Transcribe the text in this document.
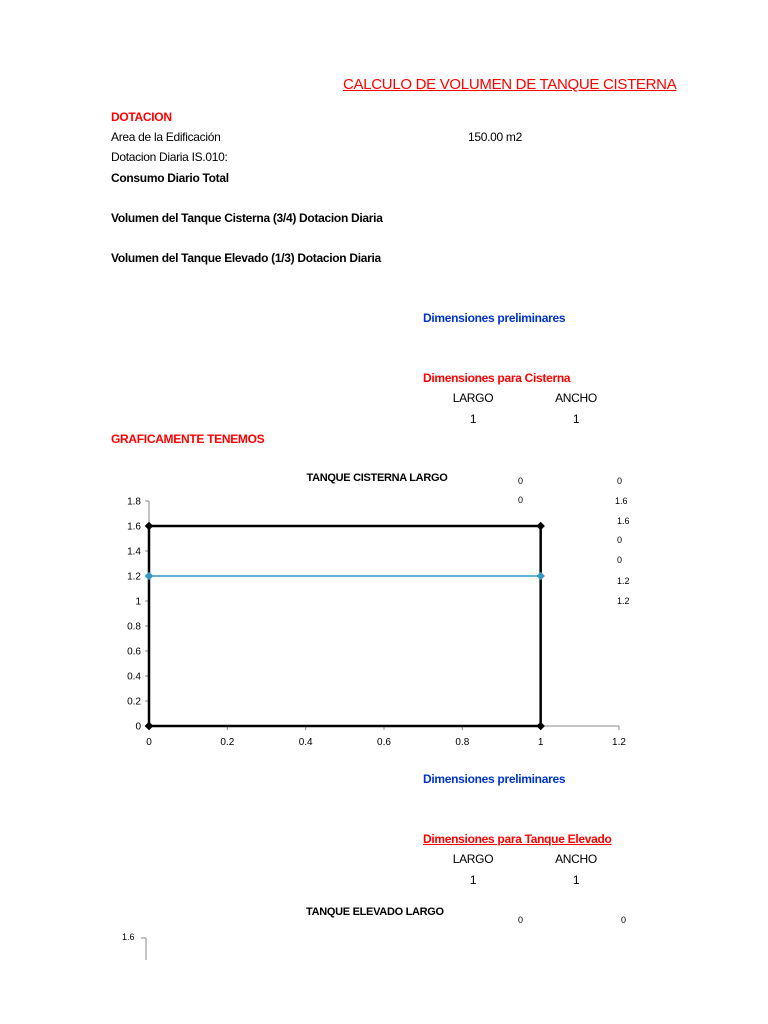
CALCULO DE VOLUMEN DE TANQUE CISTERNA
DOTACION
Area de la Edificación	150.00 m2
Dotacion Diaria IS.010:
Consumo Diario Total
Volumen del Tanque Cisterna (3/4) Dotacion Diaria
Volumen del Tanque Elevado (1/3) Dotacion Diaria
Dimensiones preliminares
Dimensiones para Cisterna
LARGO	ANCHO
1	1
GRAFICAMENTE TENEMOS
0
0
0
1.6
1.6
0
0
1.2
1.2
TANQUE CISTERNA LARGO
0
0.2
0.4
0.6
0.8
1
1.2
1.4
1.6
1.8
0	0.2	0.4	0.6	0.8	1	1.2
Dimensiones preliminares
Dimensiones para Tanque Elevado
LARGO	ANCHO
1	1
TANQUE ELEVADO LARGO
0	0
1.6
